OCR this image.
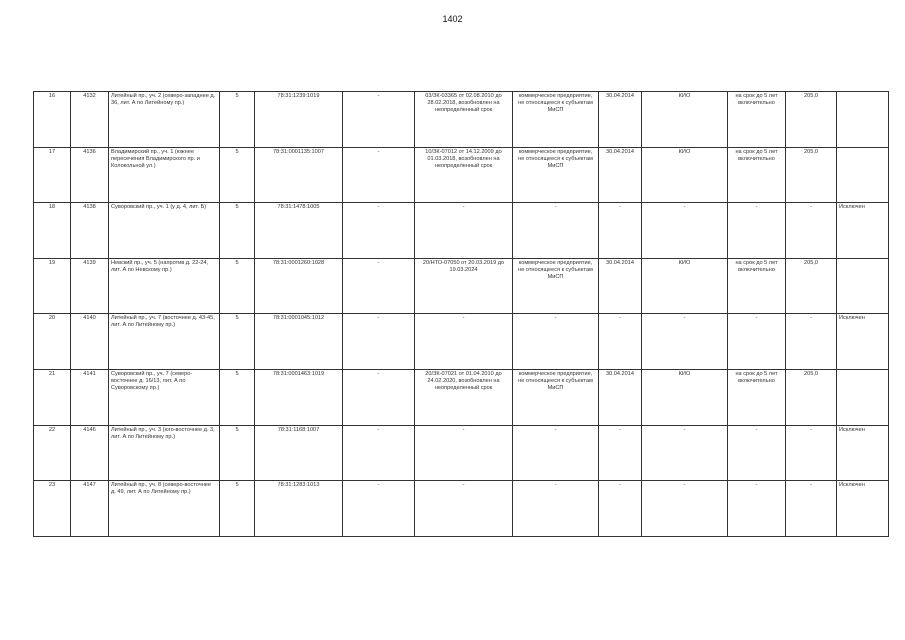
1402
16	4132	Литейный пр., уч. 2 (северо-западнее д. 36, лит. А по Литейному пр.)	5	78:31:1239:1019	-	03/ЗК-03365 от 02.08.2010 до 28.02.2018, возобновлен на неопределенный срок	коммерческое предприятие, не относящееся к субъектам МиСП	30.04.2014	КИО	на срок до 5 лет включительно	205,0	
17	4136	Владимирский пр., уч. 1 (южнее пересечения Владимирского пр. и Колокольной ул.)	5	78:31:0001135:1007	-	10/ЗК-07012 от 14.12.2009 до 01.03.2018, возобновлен на неопределенный срок	коммерческое предприятие, не относящееся к субъектам МиСП	30.04.2014	КИО	на срок до 5 лет включительно	205,0	
18	4138	Суворовский пр., уч. 1 (у д. 4, лит. Б)	5	78:31:1478:1005	-	-	-	-	-	-	-	Исключен
19	4139	Невский пр., уч. 5 (напротив д. 22-24, лит. А по Невскому пр.)	5	78:31:0001260:1028	-	20/НТО-07050 от 20.03.2019 до 19.03.2024	коммерческое предприятие, не относящееся к субъектам МиСП	30.04.2014	КИО	на срок до 5 лет включительно	205,0	
20	4140	Литейный пр., уч. 7 (восточнее д. 43-45, лит. А по Литейному пр.)	5	78:31:0001045:1012	-	-	-	-	-	-	-	Исключен
21	4141	Суворовский пр., уч. 7 (северо-восточнее д. 16/13, лит. А по Суворовскому пр.)	5	78:31:0001463:1019	-	20/ЗК-07021 от 01.04.2010 до 24.02.2020, возобновлен на неопределенный срок	коммерческое предприятие, не относящееся к субъектам МиСП	30.04.2014	КИО	на срок до 5 лет включительно	205,0	
22	4146	Литейный пр., уч. 3 (юго-восточнее д. 3, лит. А по Литейному пр.)	5	78:31:1168:1007	-	-	-	-	-	-	-	Исключен
23	4147	Литейный пр., уч. 8 (северо-восточнее д. 49, лит. А по Литейному пр.)	5	78:31:1283:1013	-	-	-	-	-	-	-	Исключен
